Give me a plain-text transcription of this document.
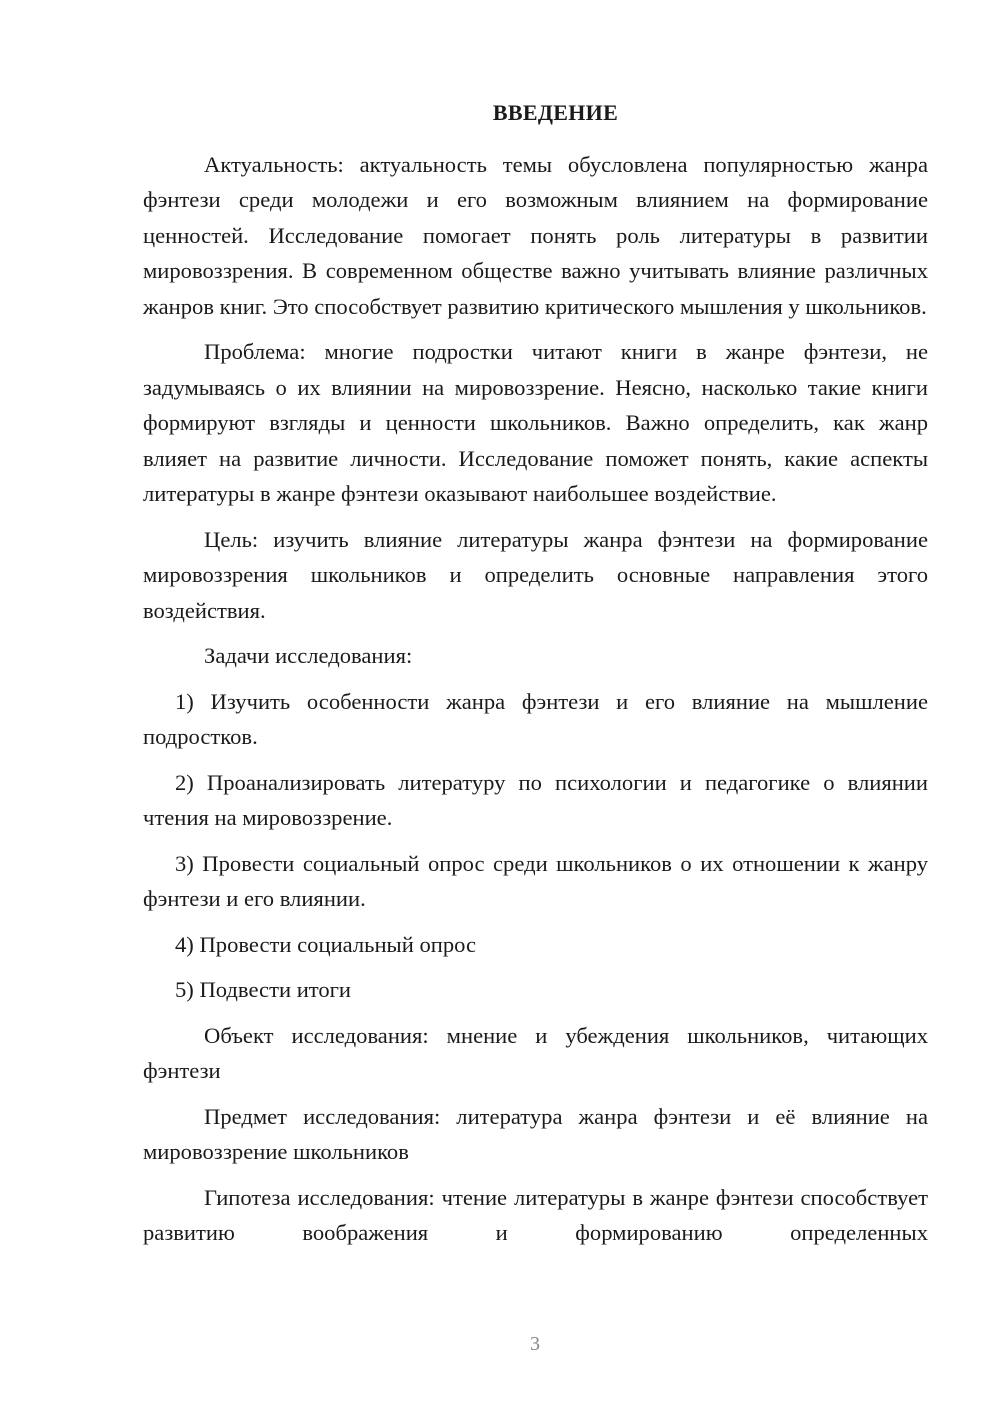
ВВЕДЕНИЕ

Актуальность: актуальность темы обусловлена популярностью жанра фэнтези среди молодежи и его возможным влиянием на формирование ценностей. Исследование помогает понять роль литературы в развитии мировоззрения. В современном обществе важно учитывать влияние различных жанров книг. Это способствует развитию критического мышления у школьников.

Проблема: многие подростки читают книги в жанре фэнтези, не задумываясь о их влиянии на мировоззрение. Неясно, насколько такие книги формируют взгляды и ценности школьников. Важно определить, как жанр влияет на развитие личности. Исследование поможет понять, какие аспекты литературы в жанре фэнтези оказывают наибольшее воздействие.

Цель: изучить влияние литературы жанра фэнтези на формирование мировоззрения школьников и определить основные направления этого воздействия.

Задачи исследования:

1) Изучить особенности жанра фэнтези и его влияние на мышление подростков.

2) Проанализировать литературу по психологии и педагогике о влиянии чтения на мировоззрение.

3) Провести социальный опрос среди школьников о их отношении к жанру фэнтези и его влиянии.

4) Провести социальный опрос

5) Подвести итоги

Объект исследования: мнение и убеждения школьников, читающих фэнтези

Предмет исследования: литература жанра фэнтези и её влияние на мировоззрение школьников

Гипотеза исследования: чтение литературы в жанре фэнтези способствует развитию воображения и формированию определенных

3
